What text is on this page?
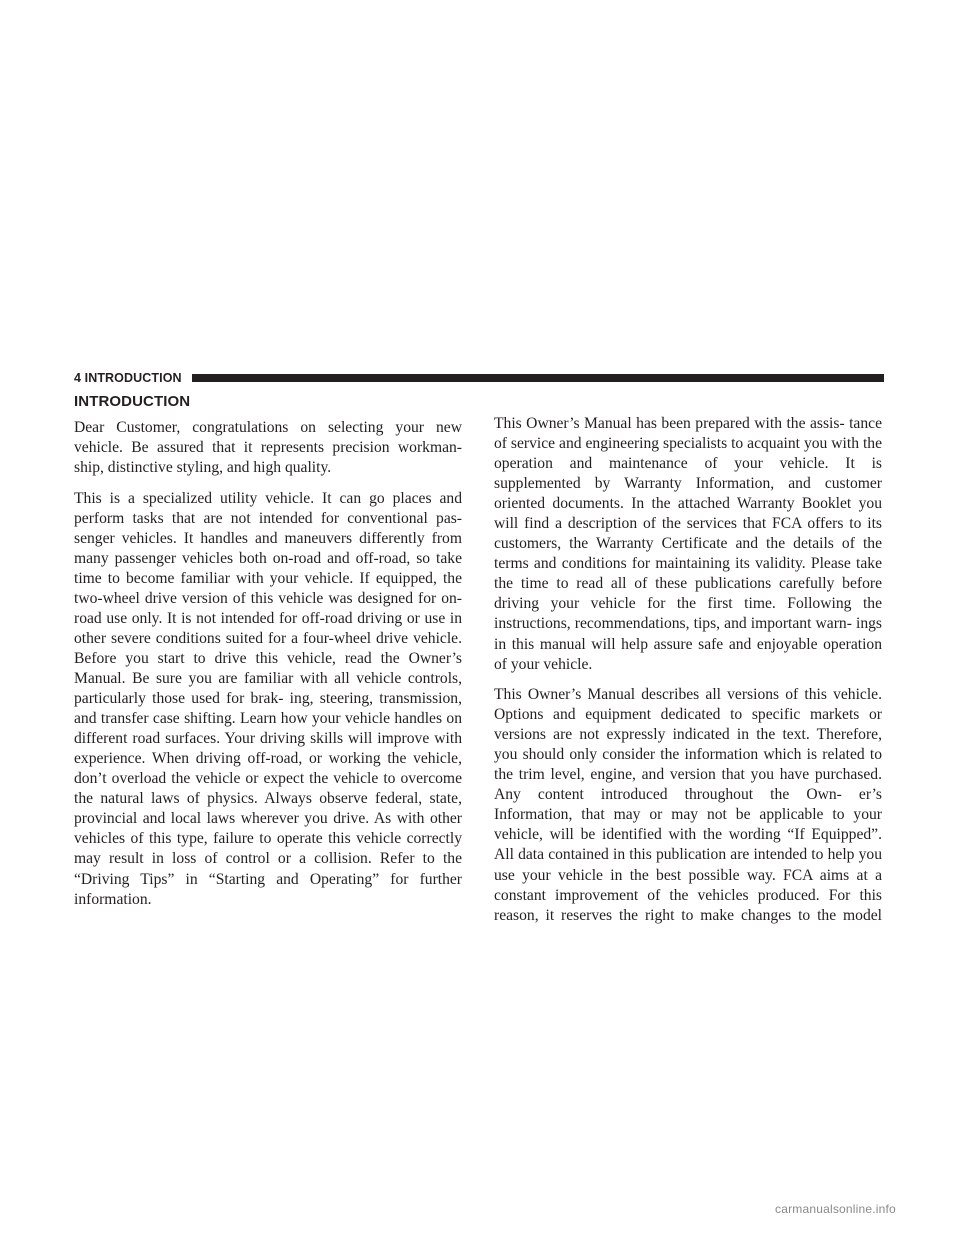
4 INTRODUCTION
INTRODUCTION

Dear Customer, congratulations on selecting your new vehicle. Be assured that it represents precision workman- ship, distinctive styling, and high quality.

This is a specialized utility vehicle. It can go places and perform tasks that are not intended for conventional pas- senger vehicles. It handles and maneuvers differently from many passenger vehicles both on-road and off-road, so take time to become familiar with your vehicle. If equipped, the two-wheel drive version of this vehicle was designed for on-road use only. It is not intended for off-road driving or use in other severe conditions suited for a four-wheel drive vehicle. Before you start to drive this vehicle, read the Owner’s Manual. Be sure you are familiar with all vehicle controls, particularly those used for brak- ing, steering, transmission, and transfer case shifting. Learn how your vehicle handles on different road surfaces. Your driving skills will improve with experience. When driving off-road, or working the vehicle, don’t overload the vehicle or expect the vehicle to overcome the natural laws of physics. Always observe federal, state, provincial and local laws wherever you drive. As with other vehicles of this type, failure to operate this vehicle correctly may result in loss of control or a collision. Refer to the “Driving Tips” in “Starting and Operating” for further information.

This Owner’s Manual has been prepared with the assis- tance of service and engineering specialists to acquaint you with the operation and maintenance of your vehicle. It is supplemented by Warranty Information, and customer oriented documents. In the attached Warranty Booklet you will find a description of the services that FCA offers to its customers, the Warranty Certificate and the details of the terms and conditions for maintaining its validity. Please take the time to read all of these publications carefully before driving your vehicle for the first time. Following the instructions, recommendations, tips, and important warn- ings in this manual will help assure safe and enjoyable operation of your vehicle.

This Owner’s Manual describes all versions of this vehicle. Options and equipment dedicated to specific markets or versions are not expressly indicated in the text. Therefore, you should only consider the information which is related to the trim level, engine, and version that you have purchased. Any content introduced throughout the Own- er’s Information, that may or may not be applicable to your vehicle, will be identified with the wording “If Equipped”. All data contained in this publication are intended to help you use your vehicle in the best possible way. FCA aims at a constant improvement of the vehicles produced. For this reason, it reserves the right to make changes to the model

carmanualsonline.info
